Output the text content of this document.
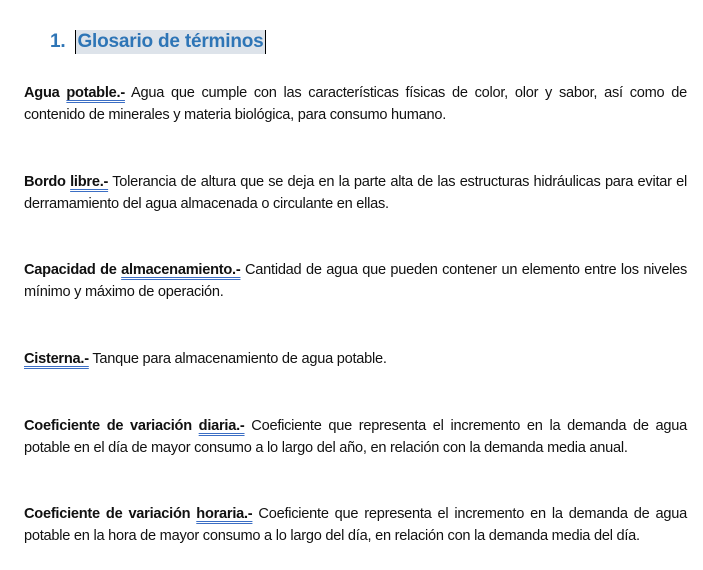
1. Glosario de términos

Agua potable.- Agua que cumple con las características físicas de color, olor y sabor, así como de contenido de minerales y materia biológica, para consumo humano.

Bordo libre.- Tolerancia de altura que se deja en la parte alta de las estructuras hidráulicas para evitar el derramamiento del agua almacenada o circulante en ellas.

Capacidad de almacenamiento.- Cantidad de agua que pueden contener un elemento entre los niveles mínimo y máximo de operación.

Cisterna.- Tanque para almacenamiento de agua potable.

Coeficiente de variación diaria.- Coeficiente que representa el incremento en la demanda de agua potable en el día de mayor consumo a lo largo del año, en relación con la demanda media anual.

Coeficiente de variación horaria.- Coeficiente que representa el incremento en la demanda de agua potable en la hora de mayor consumo a lo largo del día, en relación con la demanda media del día.
